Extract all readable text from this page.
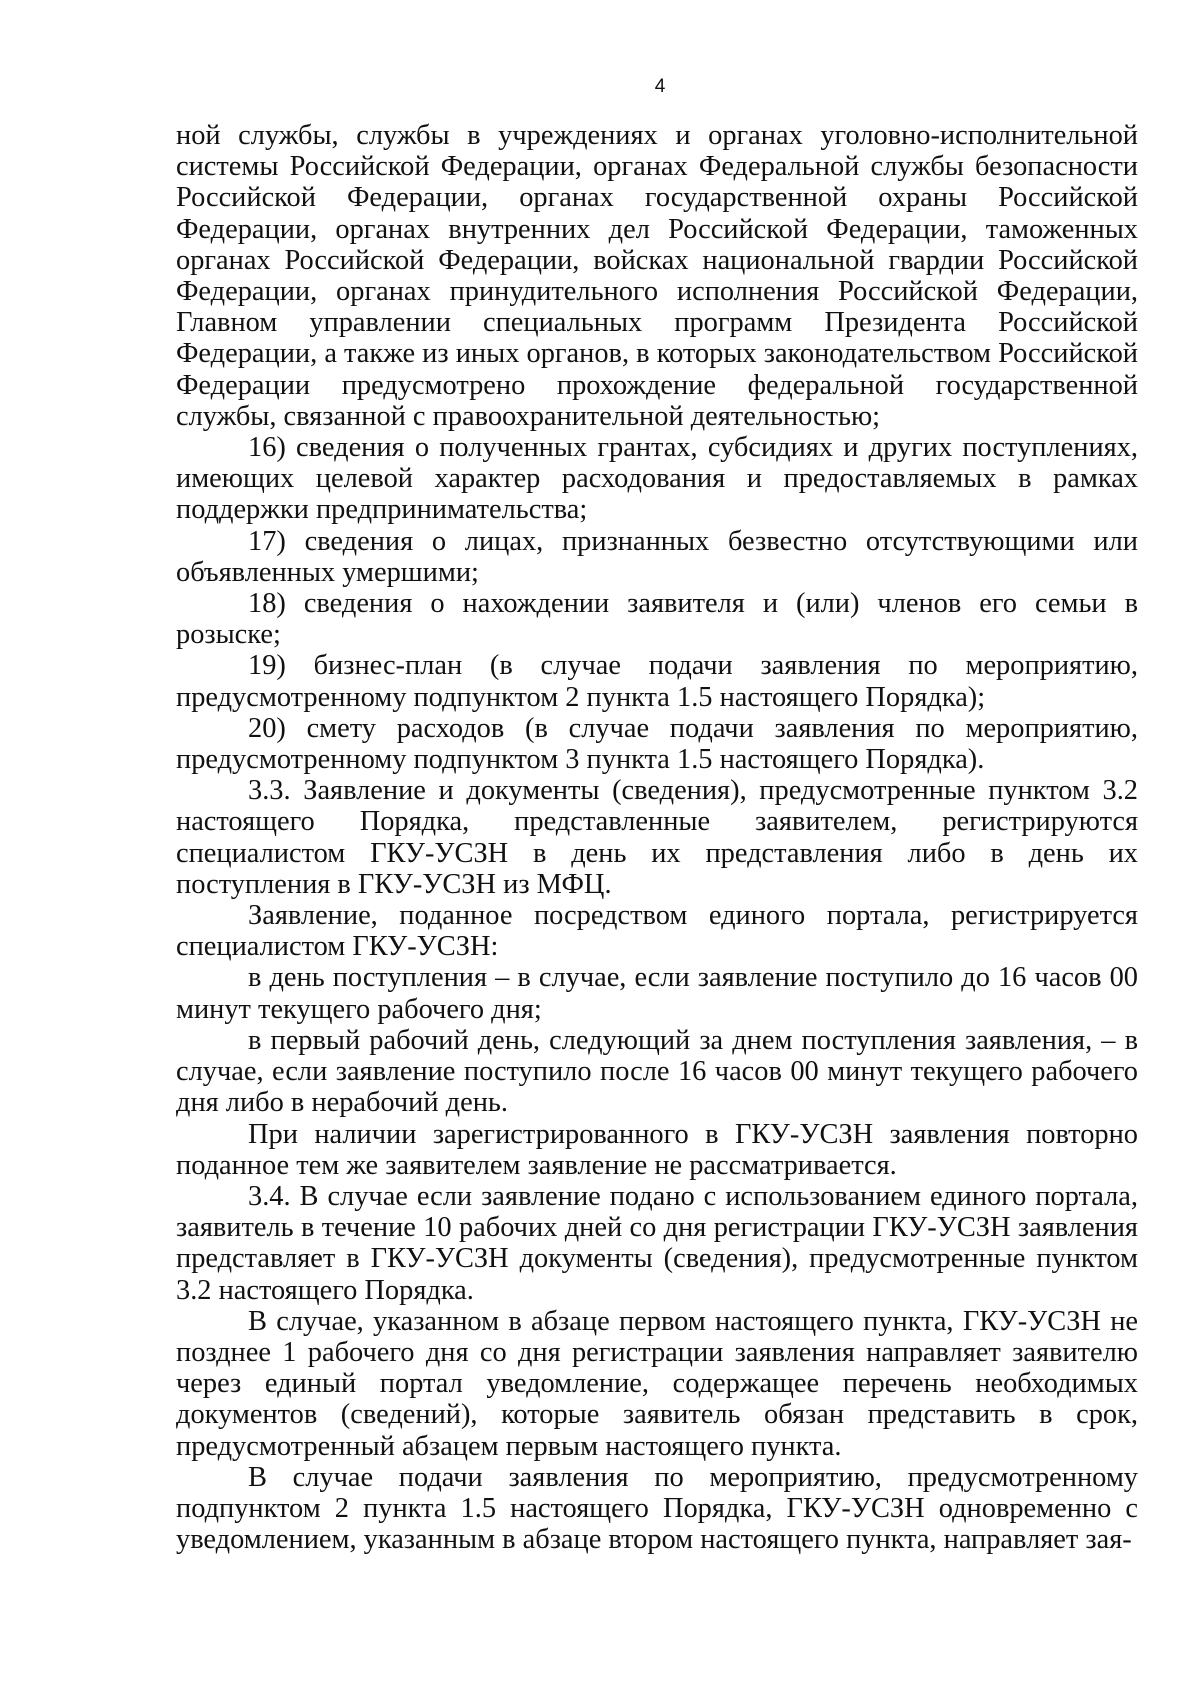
4

ной службы, службы в учреждениях и органах уголовно-исполнительной системы Российской Федерации, органах Федеральной службы безопасности Российской Федерации, органах государственной охраны Российской Федерации, органах внутренних дел Российской Федерации, таможенных органах Российской Федерации, войсках национальной гвардии Российской Федерации, органах принудительного исполнения Российской Федерации, Главном управлении специальных программ Президента Российской Федерации, а также из иных органов, в которых законодательством Российской Федерации предусмотрено прохождение федеральной государственной службы, связанной с правоохранительной деятельностью;

16) сведения о полученных грантах, субсидиях и других поступлениях, имеющих целевой характер расходования и предоставляемых в рамках поддержки предпринимательства;

17) сведения о лицах, признанных безвестно отсутствующими или объявленных умершими;

18) сведения о нахождении заявителя и (или) членов его семьи в розыске;

19) бизнес-план (в случае подачи заявления по мероприятию, предусмотренному подпунктом 2 пункта 1.5 настоящего Порядка);

20) смету расходов (в случае подачи заявления по мероприятию, предусмотренному подпунктом 3 пункта 1.5 настоящего Порядка).

3.3. Заявление и документы (сведения), предусмотренные пунктом 3.2 настоящего Порядка, представленные заявителем, регистрируются специалистом ГКУ-УСЗН в день их представления либо в день их поступления в ГКУ-УСЗН из МФЦ.

Заявление, поданное посредством единого портала, регистрируется специалистом ГКУ-УСЗН:

в день поступления – в случае, если заявление поступило до 16 часов 00 минут текущего рабочего дня;

в первый рабочий день, следующий за днем поступления заявления, – в случае, если заявление поступило после 16 часов 00 минут текущего рабочего дня либо в нерабочий день.

При наличии зарегистрированного в ГКУ-УСЗН заявления повторно поданное тем же заявителем заявление не рассматривается.

3.4. В случае если заявление подано с использованием единого портала, заявитель в течение 10 рабочих дней со дня регистрации ГКУ-УСЗН заявления представляет в ГКУ-УСЗН документы (сведения), предусмотренные пунктом 3.2 настоящего Порядка.

В случае, указанном в абзаце первом настоящего пункта, ГКУ-УСЗН не позднее 1 рабочего дня со дня регистрации заявления направляет заявителю через единый портал уведомление, содержащее перечень необходимых документов (сведений), которые заявитель обязан представить в срок, предусмотренный абзацем первым настоящего пункта.

В случае подачи заявления по мероприятию, предусмотренному подпунктом 2 пункта 1.5 настоящего Порядка, ГКУ-УСЗН одновременно с уведомлением, указанным в абзаце втором настоящего пункта, направляет зая-
